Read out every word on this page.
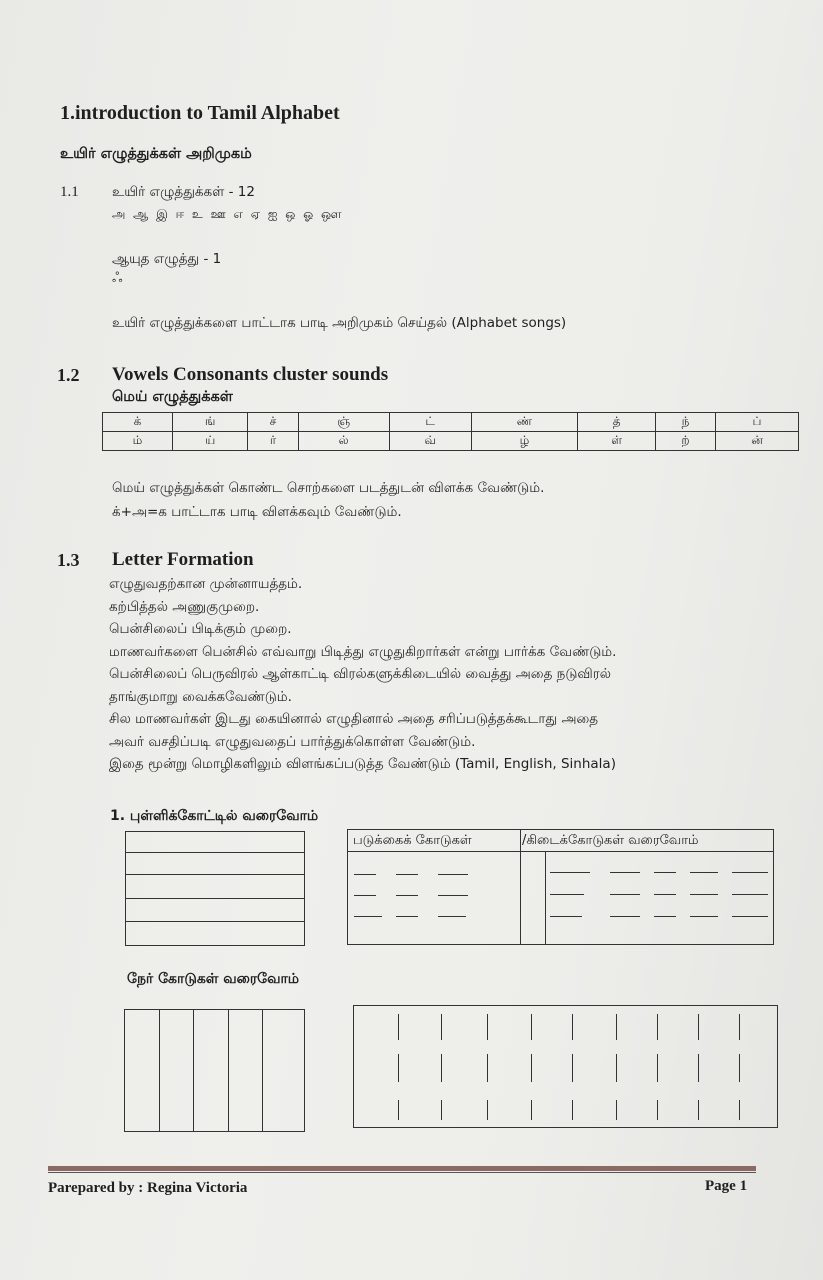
1.introduction to Tamil Alphabet
உயிர் எழுத்துக்கள் அறிமுகம்
1.1 உயிர் எழுத்துக்கள் - 12
அ ஆ இ ஈ உ ஊ எ ஏ ஐ ஒ ஓ ஔ
ஆயுத எழுத்து - 1
ஃ
உயிர் எழுத்துக்களை பாட்டாக பாடி அறிமுகம் செய்தல் (Alphabet songs)
1.2 Vowels Consonants cluster sounds
மெய் எழுத்துக்கள்
க்	ங்	ச்	ஞ்	ட்	ண்	த்	ந்	ப்
ம்	ய்	ர்	ல்	வ்	ழ்	ள்	ற்	ன்
மெய் எழுத்துக்கள் கொண்ட சொற்களை படத்துடன் விளக்க வேண்டும்.
க்+அ=க பாட்டாக பாடி விளக்கவும் வேண்டும்.
1.3 Letter Formation
எழுதுவதற்கான முன்னாயத்தம்.
கற்பித்தல் அணுகுமுறை.
பென்சிலைப் பிடிக்கும் முறை.
மாணவர்களை பென்சில் எவ்வாறு பிடித்து எழுதுகிறார்கள் என்று பார்க்க வேண்டும்.
பென்சிலைப் பெருவிரல் ஆள்காட்டி விரல்களுக்கிடையில் வைத்து அதை நடுவிரல்
தாங்குமாறு வைக்கவேண்டும்.
சில மாணவர்கள் இடது கையினால் எழுதினால் அதை சரிப்படுத்தக்கூடாது அதை
அவர் வசதிப்படி எழுதுவதைப் பார்த்துக்கொள்ள வேண்டும்.
இதை மூன்று மொழிகளிலும் விளங்கப்படுத்த வேண்டும் (Tamil, English, Sinhala)
1. புள்ளிக்கோட்டில் வரைவோம்
படுக்கைக் கோடுகள்	/கிடைக்கோடுகள் வரைவோம்
நேர் கோடுகள் வரைவோம்
Parepared by : Regina Victoria	Page 1
